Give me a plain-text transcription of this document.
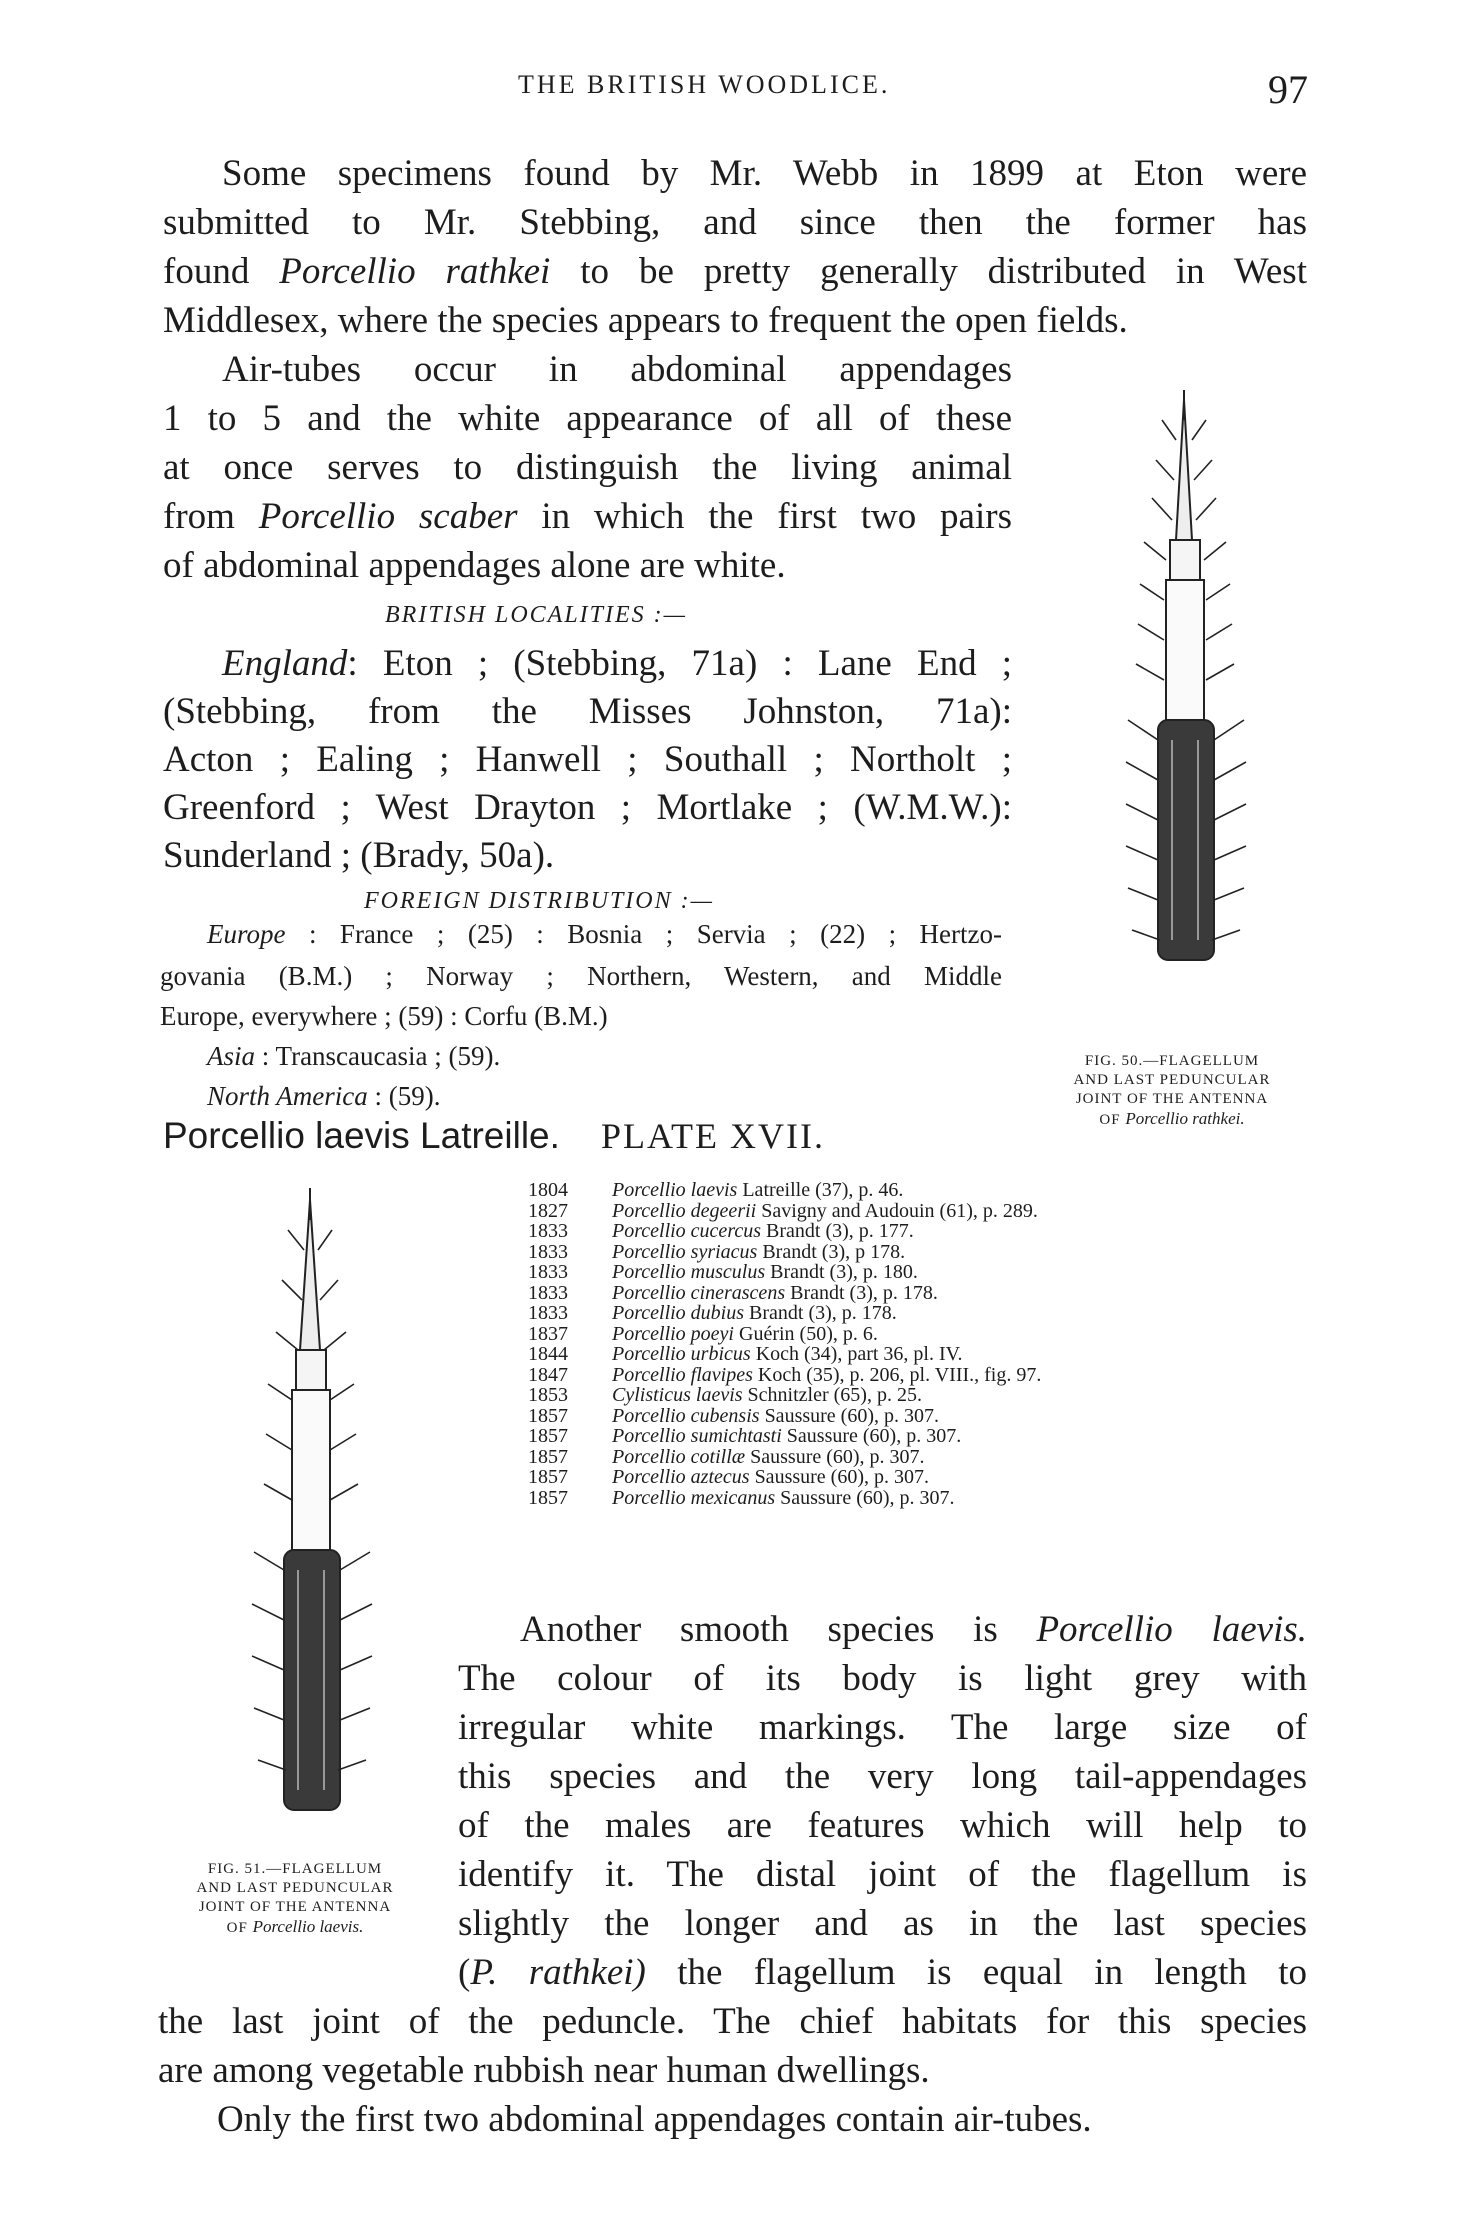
THE BRITISH WOODLICE.	97
Some specimens found by Mr. Webb in 1899 at Eton were
submitted to Mr. Stebbing, and since then the former has
found Porcellio rathkei to be pretty generally distributed in West
Middlesex, where the species appears to frequent the open fields.
Air-tubes occur in abdominal appendages
1 to 5 and the white appearance of all of these
at once serves to distinguish the living animal
from Porcellio scaber in which the first two pairs
of abdominal appendages alone are white.
BRITISH LOCALITIES :—
England: Eton ; (Stebbing, 71a) : Lane End ;
(Stebbing, from the Misses Johnston, 71a):
Acton ; Ealing ; Hanwell ; Southall ; Northolt ;
Greenford ; West Drayton ; Mortlake ; (W.M.W.):
Sunderland ; (Brady, 50a).
FOREIGN DISTRIBUTION :—
Europe : France ; (25) : Bosnia ; Servia ; (22) ; Hertzo-
govania (B.M.) ; Norway ; Northern, Western, and Middle
Europe, everywhere ; (59) : Corfu (B.M.)
Asia : Transcaucasia ; (59).
North America : (59).
FIG. 50.—FLAGELLUM
AND LAST PEDUNCULAR
JOINT OF THE ANTENNA
OF Porcellio rathkei.
Porcellio laevis Latreille. PLATE XVII.
1804 Porcellio laevis Latreille (37), p. 46.
1827 Porcellio degeerii Savigny and Audouin (61), p. 289.
1833 Porcellio cucercus Brandt (3), p. 177.
1833 Porcellio syriacus Brandt (3), p 178.
1833 Porcellio musculus Brandt (3), p. 180.
1833 Porcellio cinerascens Brandt (3), p. 178.
1833 Porcellio dubius Brandt (3), p. 178.
1837 Porcellio poeyi Guérin (50), p. 6.
1844 Porcellio urbicus Koch (34), part 36, pl. IV.
1847 Porcellio flavipes Koch (35), p. 206, pl. VIII., fig. 97.
1853 Cylisticus laevis Schnitzler (65), p. 25.
1857 Porcellio cubensis Saussure (60), p. 307.
1857 Porcellio sumichtasti Saussure (60), p. 307.
1857 Porcellio cotillæ Saussure (60), p. 307.
1857 Porcellio aztecus Saussure (60), p. 307.
1857 Porcellio mexicanus Saussure (60), p. 307.
FIG. 51.—FLAGELLUM
AND LAST PEDUNCULAR
JOINT OF THE ANTENNA
OF Porcellio laevis.
Another smooth species is Porcellio laevis.
The colour of its body is light grey with
irregular white markings. The large size of
this species and the very long tail-appendages
of the males are features which will help to
identify it. The distal joint of the flagellum is
slightly the longer and as in the last species
(P. rathkei) the flagellum is equal in length to
the last joint of the peduncle. The chief habitats for this species
are among vegetable rubbish near human dwellings.
Only the first two abdominal appendages contain air-tubes.
